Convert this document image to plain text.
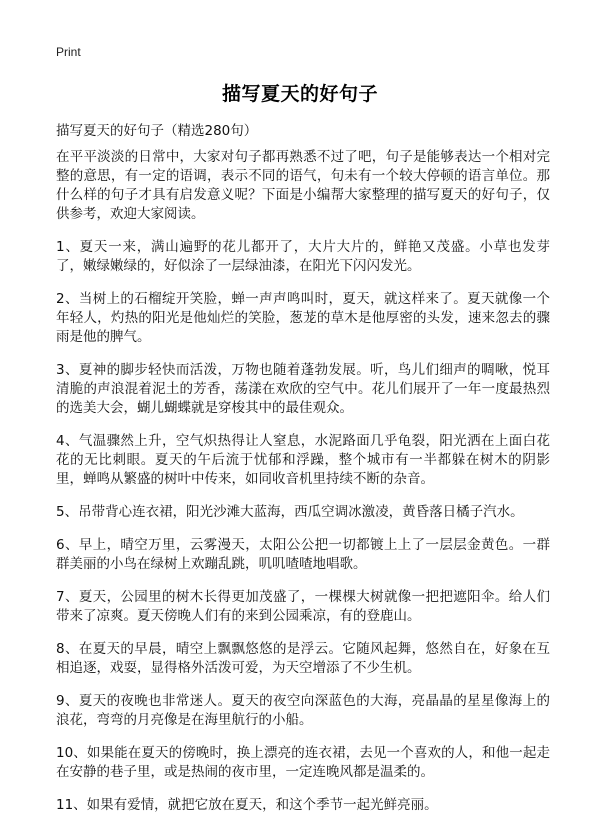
Print
描写夏天的好句子
描写夏天的好句子（精选280句）

在平平淡淡的日常中，大家对句子都再熟悉不过了吧，句子是能够表达一个相对完整的意思，有一定的语调，表示不同的语气，句未有一个较大停顿的语言单位。那什么样的句子才具有启发意义呢？下面是小编帮大家整理的描写夏天的好句子，仅供参考，欢迎大家阅读。

1、夏天一来，满山遍野的花儿都开了，大片大片的，鲜艳又茂盛。小草也发芽了，嫩绿嫩绿的，好似涂了一层绿油漆，在阳光下闪闪发光。

2、当树上的石榴绽开笑脸，蝉一声声鸣叫时，夏天，就这样来了。夏天就像一个年轻人，灼热的阳光是他灿烂的笑脸，葱茏的草木是他厚密的头发，速来忽去的骤雨是他的脾气。

3、夏神的脚步轻快而活泼，万物也随着蓬勃发展。听，鸟儿们细声的啁啾，悦耳清脆的声浪混着泥土的芳香，荡漾在欢欣的空气中。花儿们展开了一年一度最热烈的选美大会，蝴儿蝴蝶就是穿梭其中的最佳观众。

4、气温骤然上升，空气炽热得让人窒息，水泥路面几乎龟裂，阳光洒在上面白花花的无比刺眼。夏天的午后流于忧郁和浮躁，整个城市有一半都躲在树木的阴影里，蝉鸣从繁盛的树叶中传来，如同收音机里持续不断的杂音。

5、吊带背心连衣裙，阳光沙滩大蓝海，西瓜空调冰激凌，黄昏落日橘子汽水。

6、早上，晴空万里，云雾漫天，太阳公公把一切都镀上上了一层层金黄色。一群群美丽的小鸟在绿树上欢蹦乱跳，叽叽喳喳地唱歌。

7、夏天，公园里的树木长得更加茂盛了，一棵棵大树就像一把把遮阳伞。给人们带来了凉爽。夏天傍晚人们有的来到公园乘凉，有的登鹿山。

8、在夏天的早晨，晴空上飘飘悠悠的是浮云。它随风起舞，悠然自在，好象在互相追逐，戏耍，显得格外活泼可爱，为天空增添了不少生机。

9、夏天的夜晚也非常迷人。夏天的夜空向深蓝色的大海，亮晶晶的星星像海上的浪花，弯弯的月亮像是在海里航行的小船。

10、如果能在夏天的傍晚时，换上漂亮的连衣裙，去见一个喜欢的人，和他一起走在安静的巷子里，或是热闹的夜市里，一定连晚风都是温柔的。

11、如果有爱情，就把它放在夏天，和这个季节一起光鲜亮丽。
